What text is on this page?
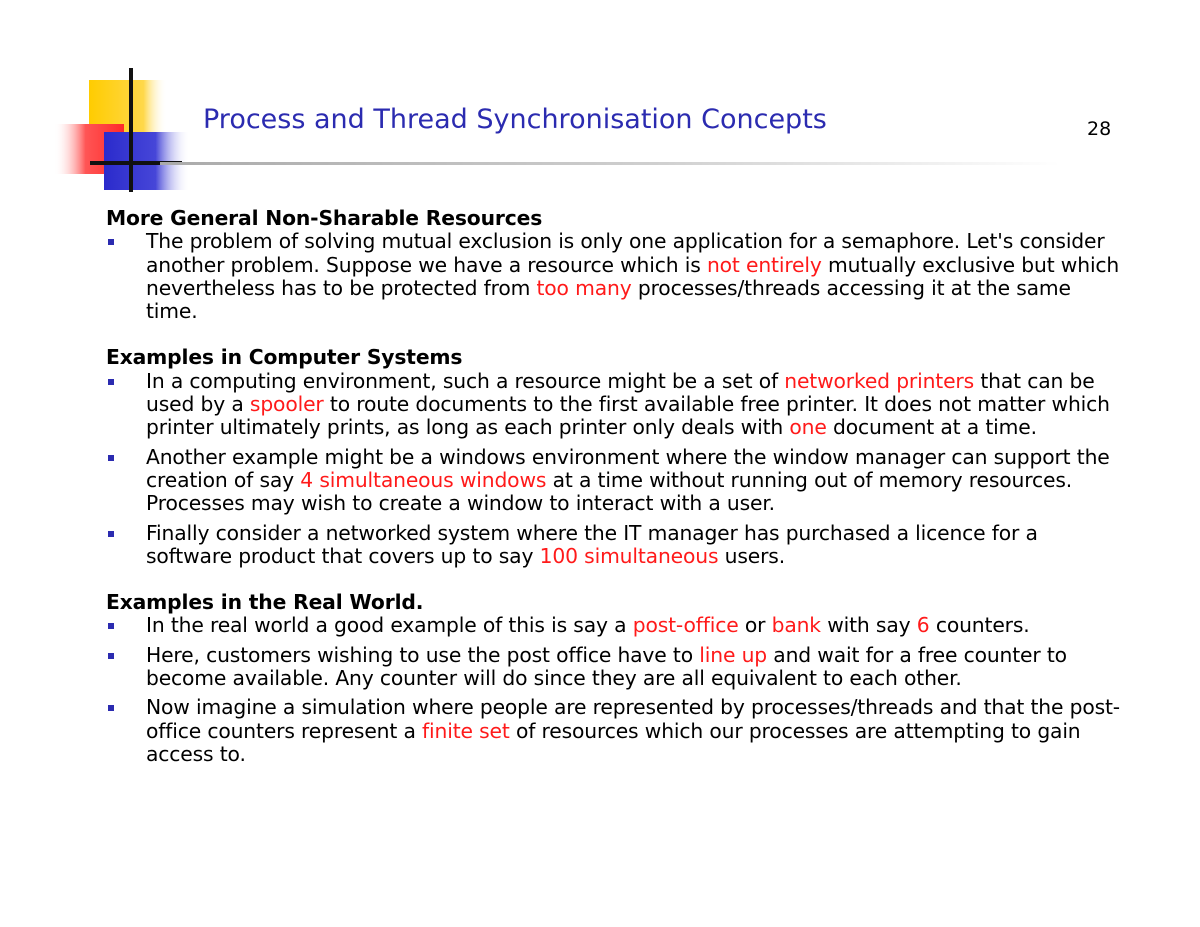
Process and Thread Synchronisation Concepts	28
More General Non-Sharable Resources
The problem of solving mutual exclusion is only one application for a semaphore. Let's consider another problem. Suppose we have a resource which is not entirely mutually exclusive but which nevertheless has to be protected from too many processes/threads accessing it at the same time.
Examples in Computer Systems
In a computing environment, such a resource might be a set of networked printers that can be used by a spooler to route documents to the first available free printer. It does not matter which printer ultimately prints, as long as each printer only deals with one document at a time.
Another example might be a windows environment where the window manager can support the creation of say 4 simultaneous windows at a time without running out of memory resources. Processes may wish to create a window to interact with a user.
Finally consider a networked system where the IT manager has purchased a licence for a software product that covers up to say 100 simultaneous users.
Examples in the Real World.
In the real world a good example of this is say a post-office or bank with say 6 counters.
Here, customers wishing to use the post office have to line up and wait for a free counter to become available. Any counter will do since they are all equivalent to each other.
Now imagine a simulation where people are represented by processes/threads and that the post-office counters represent a finite set of resources which our processes are attempting to gain access to.
